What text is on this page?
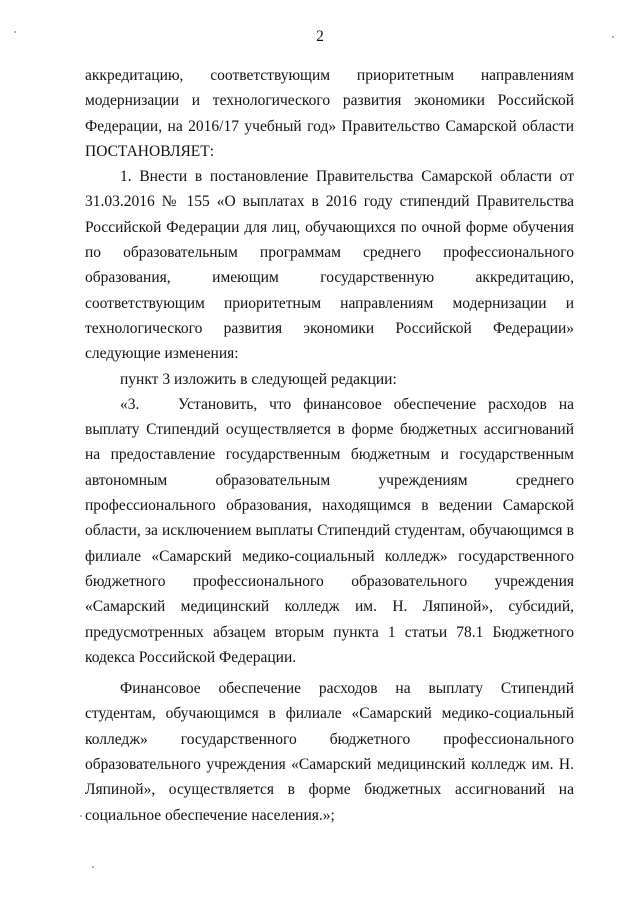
2

аккредитацию, соответствующим приоритетным направлениям модернизации и технологического развития экономики Российской Федерации, на 2016/17 учебный год» Правительство Самарской области ПОСТАНОВЛЯЕТ:

1. Внести в постановление Правительства Самарской области от 31.03.2016 № 155 «О выплатах в 2016 году стипендий Правительства Российской Федерации для лиц, обучающихся по очной форме обучения по образовательным программам среднего профессионального образования, имеющим государственную аккредитацию, соответствующим приоритетным направлениям модернизации и технологического развития экономики Российской Федерации» следующие изменения:

пункт 3 изложить в следующей редакции:

«3. Установить, что финансовое обеспечение расходов на выплату Стипендий осуществляется в форме бюджетных ассигнований на предоставление государственным бюджетным и государственным автономным образовательным учреждениям среднего профессионального образования, находящимся в ведении Самарской области, за исключением выплаты Стипендий студентам, обучающимся в филиале «Самарский медико-социальный колледж» государственного бюджетного профессионального образовательного учреждения «Самарский медицинский колледж им. Н. Ляпиной», субсидий, предусмотренных абзацем вторым пункта 1 статьи 78.1 Бюджетного кодекса Российской Федерации.

Финансовое обеспечение расходов на выплату Стипендий студентам, обучающимся в филиале «Самарский медико-социальный колледж» государственного бюджетного профессионального образовательного учреждения «Самарский медицинский колледж им. Н. Ляпиной», осуществляется в форме бюджетных ассигнований на социальное обеспечение населения.»;
